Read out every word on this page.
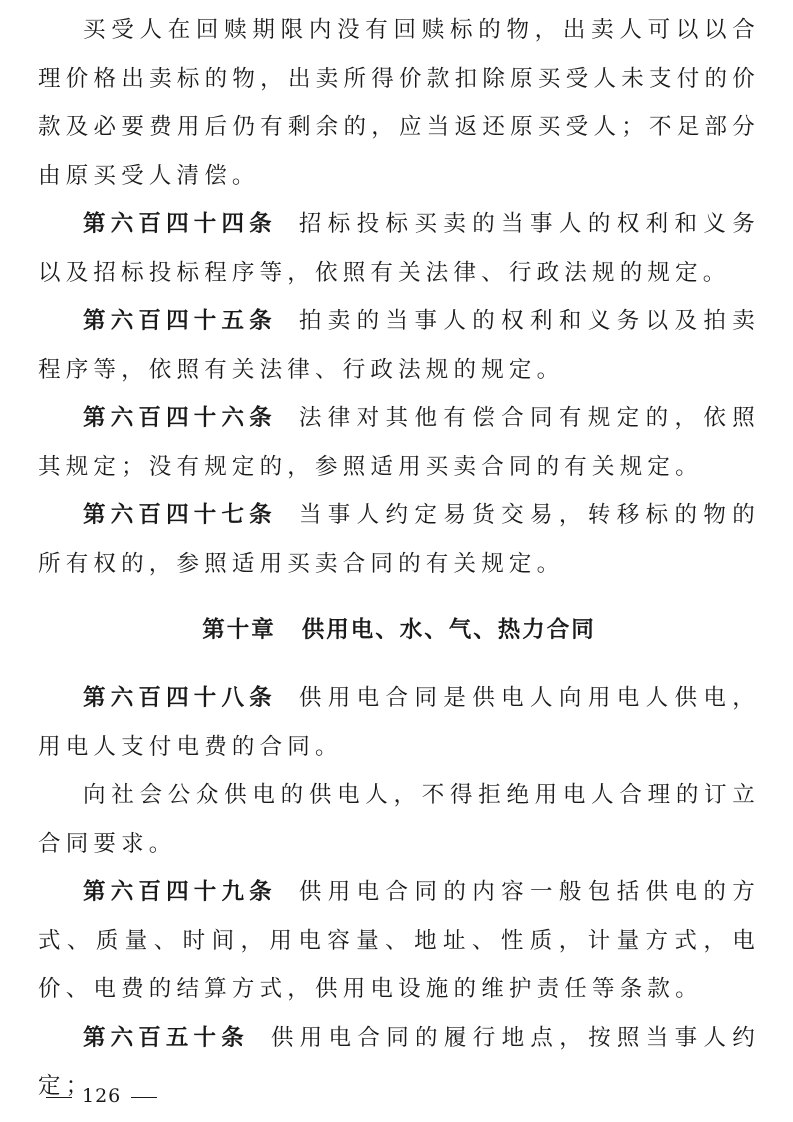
买受人在回赎期限内没有回赎标的物，出卖人可以以合理价格出卖标的物，出卖所得价款扣除原买受人未支付的价款及必要费用后仍有剩余的，应当返还原买受人；不足部分由原买受人清偿。

第六百四十四条 招标投标买卖的当事人的权利和义务以及招标投标程序等，依照有关法律、行政法规的规定。

第六百四十五条 拍卖的当事人的权利和义务以及拍卖程序等，依照有关法律、行政法规的规定。

第六百四十六条 法律对其他有偿合同有规定的，依照其规定；没有规定的，参照适用买卖合同的有关规定。

第六百四十七条 当事人约定易货交易，转移标的物的所有权的，参照适用买卖合同的有关规定。

第十章 供用电、水、气、热力合同

第六百四十八条 供用电合同是供电人向用电人供电，用电人支付电费的合同。

向社会公众供电的供电人，不得拒绝用电人合理的订立合同要求。

第六百四十九条 供用电合同的内容一般包括供电的方式、质量、时间，用电容量、地址、性质，计量方式，电价、电费的结算方式，供用电设施的维护责任等条款。

第六百五十条 供用电合同的履行地点，按照当事人约定；

126
